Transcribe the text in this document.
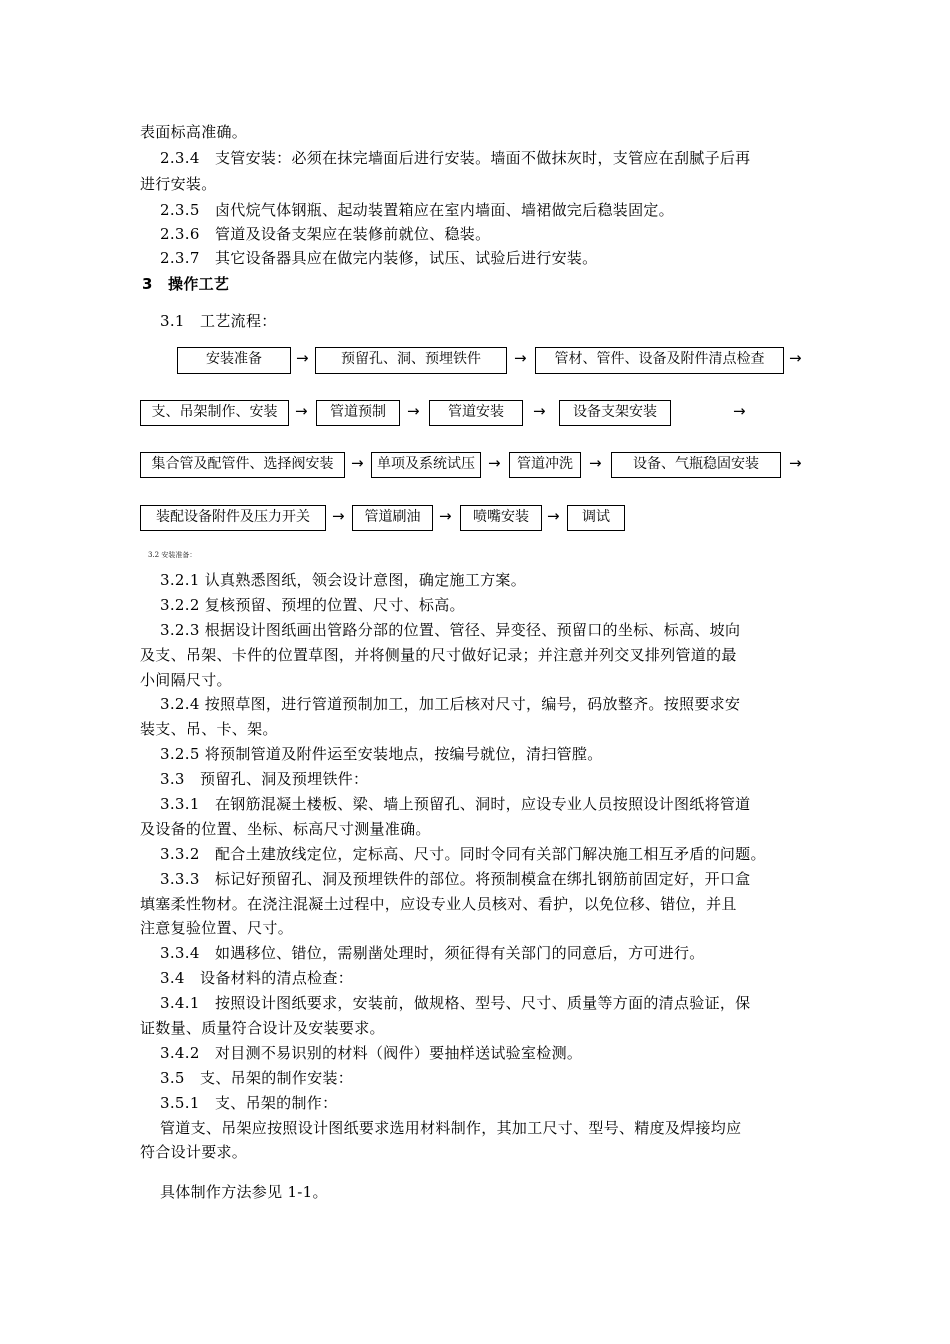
表面标高准确。
2.3.4　支管安装：必须在抹完墙面后进行安装。墙面不做抹灰时，支管应在刮腻子后再
进行安装。
2.3.5　卤代烷气体钢瓶、起动装置箱应在室内墙面、墙裙做完后稳装固定。
2.3.6　管道及设备支架应在装修前就位、稳装。
2.3.7　其它设备器具应在做完内装修，试压、试验后进行安装。
3　操作工艺
3.1　工艺流程：
安装准备	→	预留孔、洞、预埋铁件	→	管材、管件、设备及附件清点检查	→
支、吊架制作、安装	→	管道预制	→	管道安装	→	设备支架安装	→
集合管及配管件、选择阀安装	→ 单项及系统试压 →	管道冲洗	→	设备、气瓶稳固安装	→
装配设备附件及压力开关	→	管道刷油	→	喷嘴安装	→	调试
3.2 安装准备：
3.2.1 认真熟悉图纸，领会设计意图，确定施工方案。
3.2.2 复核预留、预埋的位置、尺寸、标高。
3.2.3 根据设计图纸画出管路分部的位置、管径、异变径、预留口的坐标、标高、坡向
及支、吊架、卡件的位置草图，并将侧量的尺寸做好记录；并注意并列交叉排列管道的最
小间隔尺寸。
3.2.4 按照草图，进行管道预制加工，加工后核对尺寸，编号，码放整齐。按照要求安
装支、吊、卡、架。
3.2.5 将预制管道及附件运至安装地点，按编号就位，清扫管膛。
3.3　预留孔、洞及预埋铁件：
3.3.1　在钢筋混凝土楼板、梁、墙上预留孔、洞时，应设专业人员按照设计图纸将管道
及设备的位置、坐标、标高尺寸测量准确。
3.3.2　配合土建放线定位，定标高、尺寸。同时令同有关部门解决施工相互矛盾的问题。
3.3.3　标记好预留孔、洞及预埋铁件的部位。将预制模盒在绑扎钢筋前固定好，开口盒
填塞柔性物材。在浇注混凝土过程中，应设专业人员核对、看护，以免位移、错位，并且
注意复验位置、尺寸。
3.3.4　如遇移位、错位，需剔凿处理时，须征得有关部门的同意后，方可进行。
3.4　设备材料的清点检查：
3.4.1　按照设计图纸要求，安装前，做规格、型号、尺寸、质量等方面的清点验证，保
证数量、质量符合设计及安装要求。
3.4.2　对目测不易识别的材料（阀件）要抽样送试验室检测。
3.5　支、吊架的制作安装：
3.5.1　支、吊架的制作：
管道支、吊架应按照设计图纸要求选用材料制作，其加工尺寸、型号、精度及焊接均应
符合设计要求。
具体制作方法参见 1-1。
